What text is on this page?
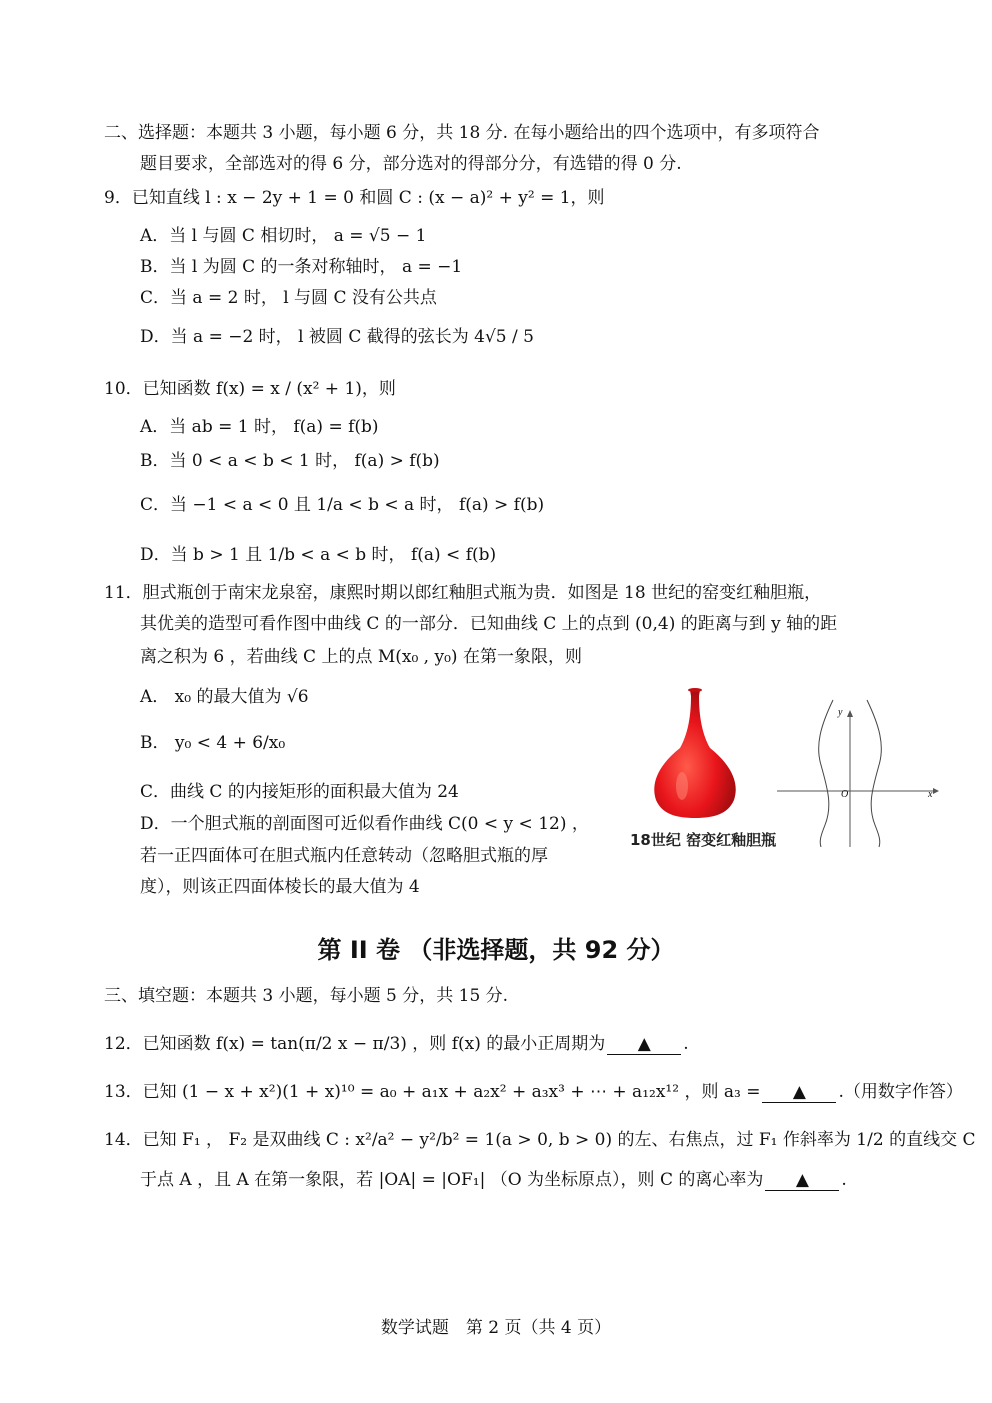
二、选择题：本题共 3 小题，每小题 6 分，共 18 分. 在每小题给出的四个选项中，有多项符合
题目要求，全部选对的得 6 分，部分选对的得部分分，有选错的得 0 分.
9．已知直线 l : x − 2y + 1 = 0 和圆 C : (x − a)² + y² = 1，则
A．当 l 与圆 C 相切时， a = √5 − 1
B．当 l 为圆 C 的一条对称轴时， a = −1
C．当 a = 2 时， l 与圆 C 没有公共点
D．当 a = −2 时， l 被圆 C 截得的弦长为 4√5 / 5
10．已知函数 f(x) = x / (x² + 1)，则
A．当 ab = 1 时， f(a) = f(b)
B．当 0 < a < b < 1 时， f(a) > f(b)
C．当 −1 < a < 0 且 1/a < b < a 时， f(a) > f(b)
D．当 b > 1 且 1/b < a < b 时， f(a) < f(b)
11．胆式瓶创于南宋龙泉窑，康熙时期以郎红釉胆式瓶为贵．如图是 18 世纪的窑变红釉胆瓶，
其优美的造型可看作图中曲线 C 的一部分．已知曲线 C 上的点到 (0,4) 的距离与到 y 轴的距
离之积为 6 ，若曲线 C 上的点 M(x₀ , y₀) 在第一象限，则
A． x₀ 的最大值为 √6
B． y₀ < 4 + 6/x₀
C．曲线 C 的内接矩形的面积最大值为 24
D．一个胆式瓶的剖面图可近似看作曲线 C(0 < y < 12) ，
若一正四面体可在胆式瓶内任意转动（忽略胆式瓶的厚
度），则该正四面体棱长的最大值为 4
18世纪 窑变红釉胆瓶
y
x
O
第 II 卷 （非选择题，共 92 分）
三、填空题：本题共 3 小题，每小题 5 分，共 15 分.
12．已知函数 f(x) = tan(π/2 x − π/3) ，则 f(x) 的最小正周期为 ▲ .
13．已知 (1 − x + x²)(1 + x)¹⁰ = a₀ + a₁x + a₂x² + a₃x³ + ⋯ + a₁₂x¹² ，则 a₃ = ▲ .（用数字作答）
14．已知 F₁ ， F₂ 是双曲线 C : x²/a² − y²/b² = 1(a > 0, b > 0) 的左、右焦点，过 F₁ 作斜率为 1/2 的直线交 C
于点 A ，且 A 在第一象限，若 |OA| = |OF₁| （O 为坐标原点），则 C 的离心率为 ▲ .
数学试题　第 2 页（共 4 页）
